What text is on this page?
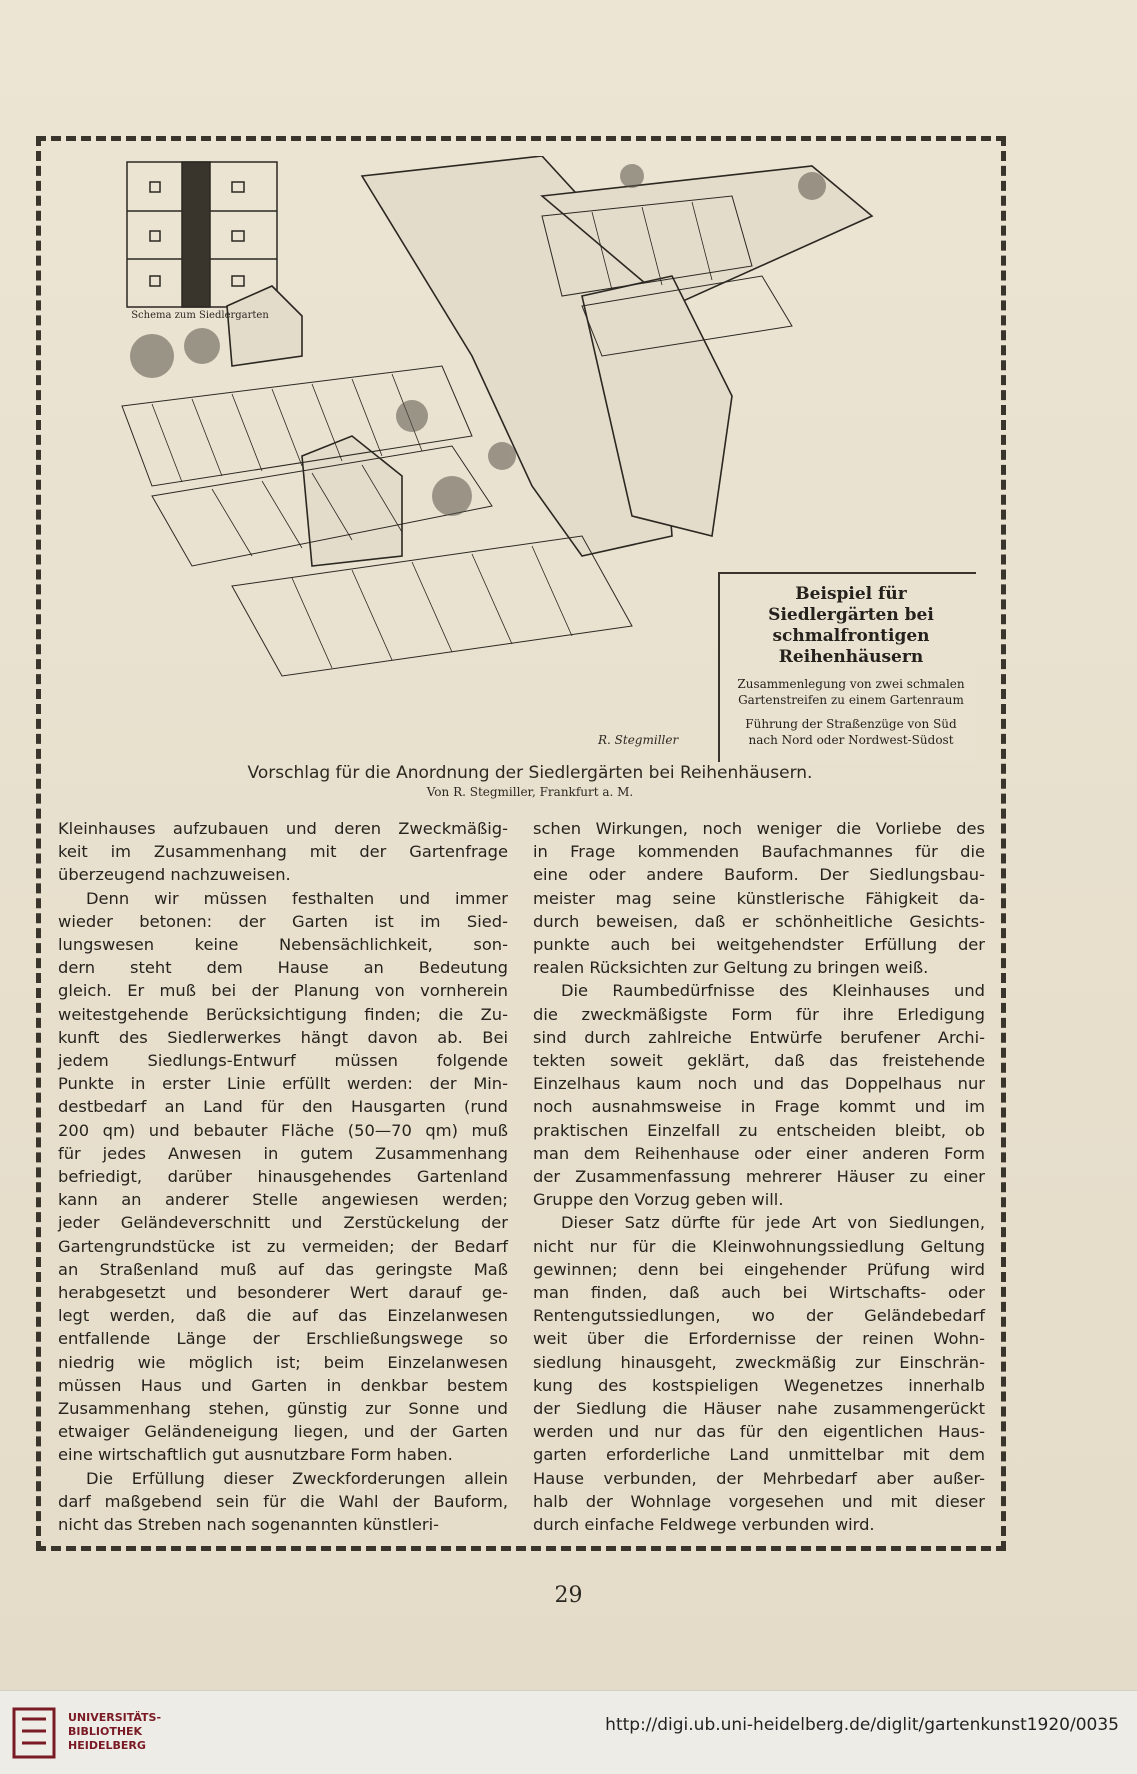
Schema zum Siedlergarten
Beispiel für Siedlergärten bei schmalfrontigen Reihenhäusern
Zusammenlegung von zwei schmalen Gartenstreifen zu einem Gartenraum
Führung der Straßenzüge von Süd nach Nord oder Nordwest-Südost
R. Stegmiller
Vorschlag für die Anordnung der Siedlergärten bei Reihenhäusern.
Von R. Stegmiller, Frankfurt a. M.
Kleinhauses aufzubauen und deren Zweckmäßig-
keit im Zusammenhang mit der Gartenfrage
überzeugend nachzuweisen.
Denn wir müssen festhalten und immer
wieder betonen: der Garten ist im Sied-
lungswesen keine Nebensächlichkeit, son-
dern steht dem Hause an Bedeutung
gleich. Er muß bei der Planung von vornherein
weitestgehende Berücksichtigung finden; die Zu-
kunft des Siedlerwerkes hängt davon ab. Bei
jedem Siedlungs-Entwurf müssen folgende
Punkte in erster Linie erfüllt werden: der Min-
destbedarf an Land für den Hausgarten (rund
200 qm) und bebauter Fläche (50—70 qm) muß
für jedes Anwesen in gutem Zusammenhang
befriedigt, darüber hinausgehendes Gartenland
kann an anderer Stelle angewiesen werden;
jeder Geländeverschnitt und Zerstückelung der
Gartengrundstücke ist zu vermeiden; der Bedarf
an Straßenland muß auf das geringste Maß
herabgesetzt und besonderer Wert darauf ge-
legt werden, daß die auf das Einzelanwesen
entfallende Länge der Erschließungswege so
niedrig wie möglich ist; beim Einzelanwesen
müssen Haus und Garten in denkbar bestem
Zusammenhang stehen, günstig zur Sonne und
etwaiger Geländeneigung liegen, und der Garten
eine wirtschaftlich gut ausnutzbare Form haben.
Die Erfüllung dieser Zweckforderungen allein
darf maßgebend sein für die Wahl der Bauform,
nicht das Streben nach sogenannten künstleri-
schen Wirkungen, noch weniger die Vorliebe des
in Frage kommenden Baufachmannes für die
eine oder andere Bauform. Der Siedlungsbau-
meister mag seine künstlerische Fähigkeit da-
durch beweisen, daß er schönheitliche Gesichts-
punkte auch bei weitgehendster Erfüllung der
realen Rücksichten zur Geltung zu bringen weiß.
Die Raumbedürfnisse des Kleinhauses und
die zweckmäßigste Form für ihre Erledigung
sind durch zahlreiche Entwürfe berufener Archi-
tekten soweit geklärt, daß das freistehende
Einzelhaus kaum noch und das Doppelhaus nur
noch ausnahmsweise in Frage kommt und im
praktischen Einzelfall zu entscheiden bleibt, ob
man dem Reihenhause oder einer anderen Form
der Zusammenfassung mehrerer Häuser zu einer
Gruppe den Vorzug geben will.
Dieser Satz dürfte für jede Art von Siedlungen,
nicht nur für die Kleinwohnungssiedlung Geltung
gewinnen; denn bei eingehender Prüfung wird
man finden, daß auch bei Wirtschafts- oder
Rentengutssiedlungen, wo der Geländebedarf
weit über die Erfordernisse der reinen Wohn-
siedlung hinausgeht, zweckmäßig zur Einschrän-
kung des kostspieligen Wegenetzes innerhalb
der Siedlung die Häuser nahe zusammengerückt
werden und nur das für den eigentlichen Haus-
garten erforderliche Land unmittelbar mit dem
Hause verbunden, der Mehrbedarf aber außer-
halb der Wohnlage vorgesehen und mit dieser
durch einfache Feldwege verbunden wird.
29
UNIVERSITÄTS-
BIBLIOTHEK
HEIDELBERG
http://digi.ub.uni-heidelberg.de/diglit/gartenkunst1920/0035
